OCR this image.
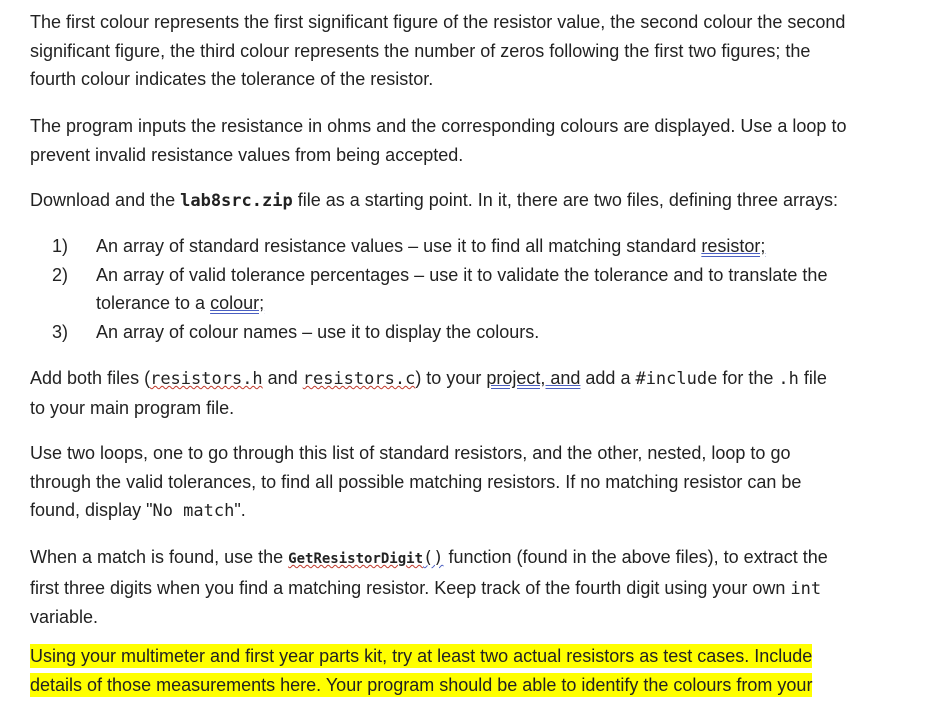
The first colour represents the first significant figure of the resistor value, the second colour the second
significant figure, the third colour represents the number of zeros following the first two figures; the
fourth colour indicates the tolerance of the resistor.

The program inputs the resistance in ohms and the corresponding colours are displayed. Use a loop to
prevent invalid resistance values from being accepted.

Download and the lab8src.zip file as a starting point. In it, there are two files, defining three arrays:

1) An array of standard resistance values – use it to find all matching standard resistor;
2) An array of valid tolerance percentages – use it to validate the tolerance and to translate the
tolerance to a colour;
3) An array of colour names – use it to display the colours.

Add both files (resistors.h and resistors.c) to your project, and add a #include for the .h file
to your main program file.

Use two loops, one to go through this list of standard resistors, and the other, nested, loop to go
through the valid tolerances, to find all possible matching resistors. If no matching resistor can be
found, display "No match".

When a match is found, use the GetResistorDigit() function (found in the above files), to extract the
first three digits when you find a matching resistor. Keep track of the fourth digit using your own int
variable.

Using your multimeter and first year parts kit, try at least two actual resistors as test cases. Include
details of those measurements here. Your program should be able to identify the colours from your
